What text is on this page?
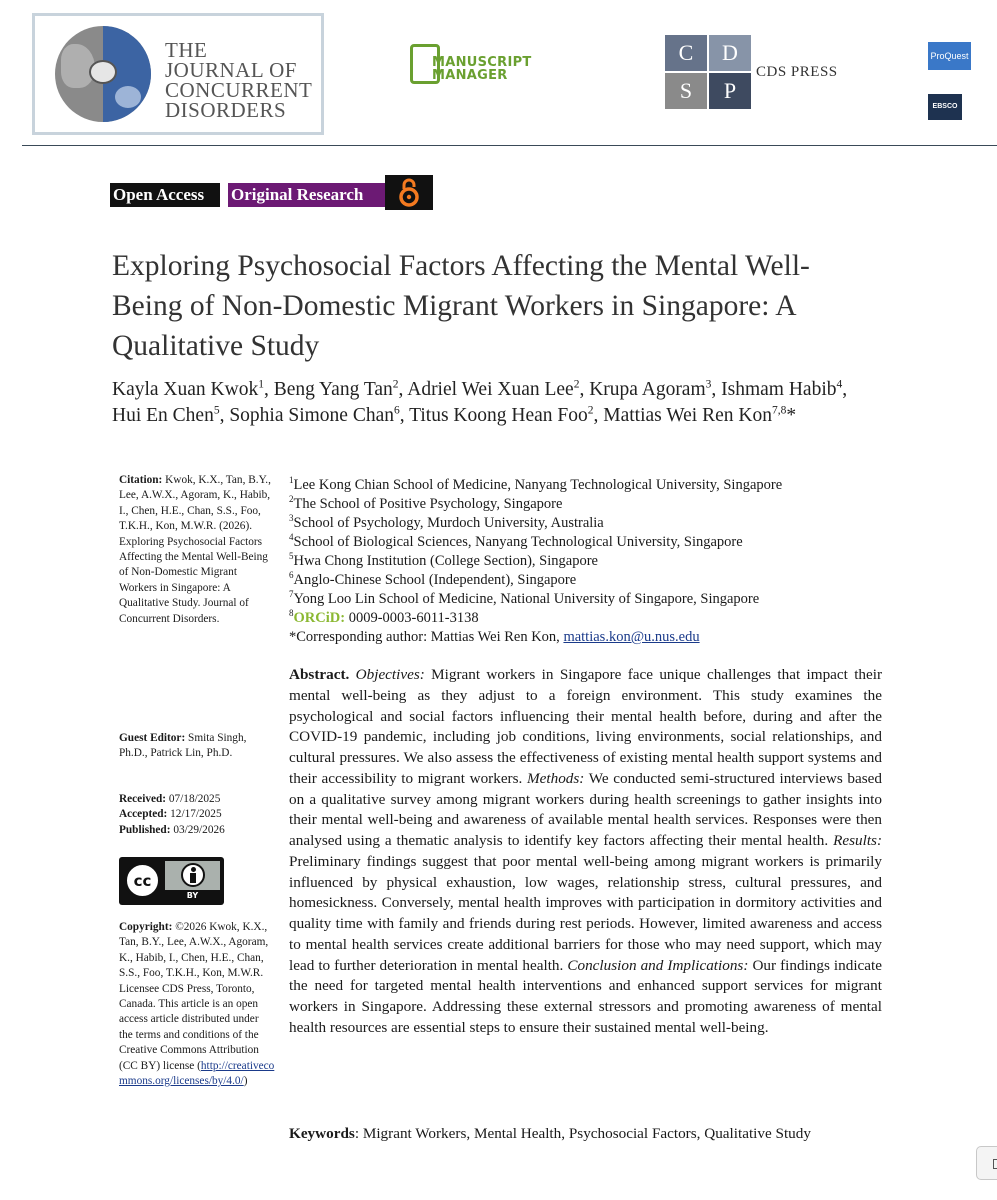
THE
JOURNAL OF
CONCURRENT
DISORDERS
MANUSCRIPT
MANAGER
C	D
S	P
CDS PRESS
ProQuest
EBSCO
Open Access	Original Research
Exploring Psychosocial Factors Affecting the Mental Well-Being of Non-Domestic Migrant Workers in Singapore: A Qualitative Study
Kayla Xuan Kwok$^1$, Beng Yang Tan$^2$, Adriel Wei Xuan Lee$^2$, Krupa Agoram$^3$, Ishmam Habib$^4$, Hui En Chen$^5$, Sophia Simone Chan$^6$, Titus Koong Hean Foo$^2$, Mattias Wei Ren Kon$^{7,8}$*
Citation: Kwok, K.X., Tan, B.Y., Lee, A.W.X., Agoram, K., Habib, I., Chen, H.E., Chan, S.S., Foo, T.K.H., Kon, M.W.R. (2026). Exploring Psychosocial Factors Affecting the Mental Well-Being of Non-Domestic Migrant Workers in Singapore: A Qualitative Study. Journal of Concurrent Disorders.
Guest Editor: Smita Singh, Ph.D., Patrick Lin, Ph.D.
Received: 07/18/2025
Accepted: 12/17/2025
Published: 03/29/2026
cc
BY
Copyright: ©2026 Kwok, K.X., Tan, B.Y., Lee, A.W.X., Agoram, K., Habib, I., Chen, H.E., Chan, S.S., Foo, T.K.H., Kon, M.W.R. Licensee CDS Press, Toronto, Canada. This article is an open access article distributed under the terms and conditions of the Creative Commons Attribution (CC BY) license (http://creativecommons.org/licenses/by/4.0/)
$^1$Lee Kong Chian School of Medicine, Nanyang Technological University, Singapore
$^2$The School of Positive Psychology, Singapore
$^3$School of Psychology, Murdoch University, Australia
$^4$School of Biological Sciences, Nanyang Technological University, Singapore
$^5$Hwa Chong Institution (College Section), Singapore
$^6$Anglo-Chinese School (Independent), Singapore
$^7$Yong Loo Lin School of Medicine, National University of Singapore, Singapore
$^8$ORCiD: 0009-0003-6011-3138
*Corresponding author: Mattias Wei Ren Kon, mattias.kon@u.nus.edu

Abstract. Objectives: Migrant workers in Singapore face unique challenges that impact their mental well-being as they adjust to a foreign environment. This study examines the psychological and social factors influencing their mental health before, during and after the COVID-19 pandemic, including job conditions, living environments, social relationships, and cultural pressures. We also assess the effectiveness of existing mental health support systems and their accessibility to migrant workers. Methods: We conducted semi-structured interviews based on a qualitative survey among migrant workers during health screenings to gather insights into their mental well-being and awareness of available mental health services. Responses were then analysed using a thematic analysis to identify key factors affecting their mental health. Results: Preliminary findings suggest that poor mental well-being among migrant workers is primarily influenced by physical exhaustion, low wages, relationship stress, cultural pressures, and homesickness. Conversely, mental health improves with participation in dormitory activities and quality time with family and friends during rest periods. However, limited awareness and access to mental health services create additional barriers for those who may need support, which may lead to further deterioration in mental health. Conclusion and Implications: Our findings indicate the need for targeted mental health interventions and enhanced support services for migrant workers in Singapore. Addressing these external stressors and promoting awareness of mental health resources are essential steps to ensure their sustained mental well-being.

Keywords: Migrant Workers, Mental Health, Psychosocial Factors, Qualitative Study
